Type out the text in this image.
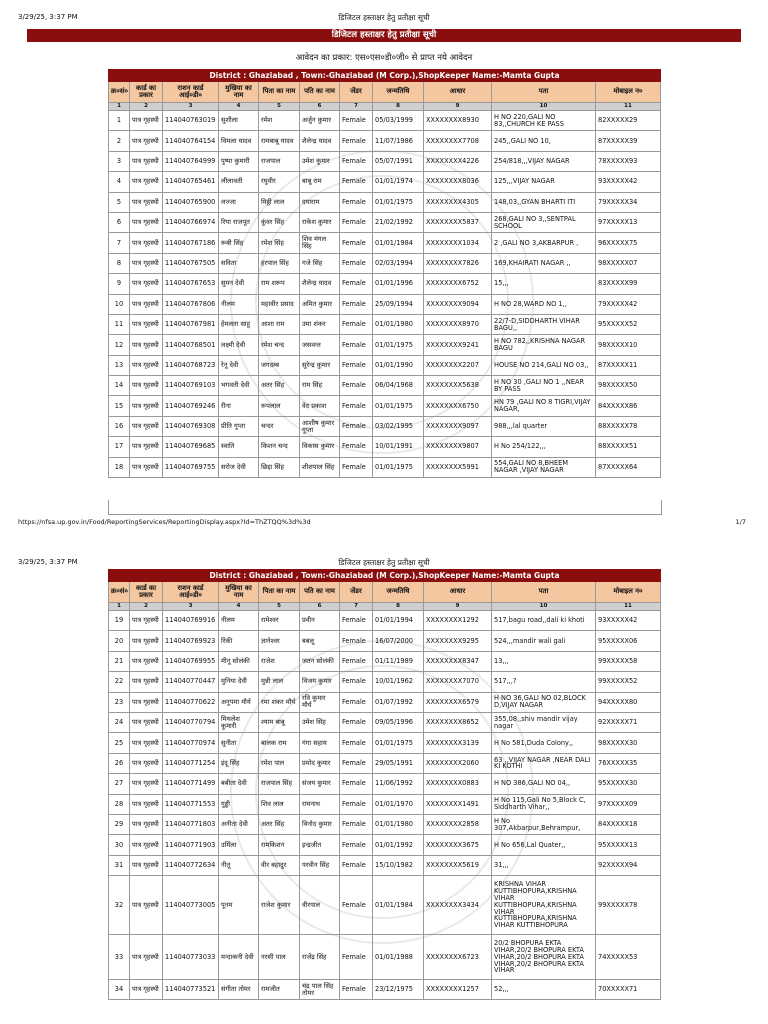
3/29/25, 3:37 PM	डिजिटल हस्ताक्षर हेतु प्रतीक्षा सूची
डिजिटल हस्ताक्षर हेतु प्रतीक्षा सूची
आवेदन का प्रकार: एस०एस०डी०जी० से प्राप्त नये आवेदन
District : Ghaziabad , Town:-Ghaziabad (M Corp.),ShopKeeper Name:-Mamta Gupta										
क्र०सं०	कार्ड का प्रकार	राशन कार्ड आई०डी०	मुखिया का नाम	पिता का नाम	पति का नाम	जेंडर	जन्मतिथि	आधार	पता	मोबाइल न०
1	2	3	4	5	6	7	8	9	10	11
1	पात्र गृहस्थी	114040763019	सुशीला	रमेश	अर्जुन कुमार	Female	05/03/1999	XXXXXXXX8930	H NO 220,GALI NO 83,,CHURCH KE PASS	82XXXXX29
2	पात्र गृहस्थी	114040764154	विमला यादव	रामबाबू यादव	शैलेन्द्र यादव	Female	11/07/1986	XXXXXXXX7708	245,,GALI NO 10,	87XXXXX39
3	पात्र गृहस्थी	114040764999	पुष्पा कुमारी	राजपाल	उमेश कुमार	Female	05/07/1991	XXXXXXXX4226	254/818,,,VIJAY NAGAR	78XXXXX93
4	पात्र गृहस्थी	114040765461	लीलावती	रघुवीर	बाबू राम	Female	01/01/1974	XXXXXXXX8036	125,,,VIJAY NAGAR	93XXXXX42
5	पात्र गृहस्थी	114040765900	लज्जा	मिट्ठी लाल	दयाराम	Female	01/01/1975	XXXXXXXX4305	148,03,,GYAN BHARTI ITI	79XXXXX34
6	पात्र गृहस्थी	114040766974	रिया राजपूत	कुंवर सिंह	राकेश कुमार	Female	21/02/1992	XXXXXXXX5837	268,GALI NO 3,,SENTPAL SCHOOL	97XXXXX13
7	पात्र गृहस्थी	114040767186	रूबी सिंह	रमेश सिंह	शिव मंगल सिंह	Female	01/01/1984	XXXXXXXX1034	2 ,GALI NO 3,AKBARPUR ,	96XXXXX75
8	पात्र गृहस्थी	114040767505	सविता	हरपाल सिंह	गजे सिंह	Female	02/03/1994	XXXXXXXX7826	169,KHAIRATI NAGAR ,,	98XXXXX07
9	पात्र गृहस्थी	114040767653	सुमन देवी	राम शरूप	शैलेन्द्र यादव	Female	01/01/1996	XXXXXXXX6752	15,,,	83XXXXX99
10	पात्र गृहस्थी	114040767806	नीलम	महावीर प्रसाद	अमित कुमार	Female	25/09/1994	XXXXXXXX9094	H NO 28,WARD NO 1,,	79XXXXX42
11	पात्र गृहस्थी	114040767981	हेमलता साहू	आशा राम	उमा शंकर	Female	01/01/1980	XXXXXXXX8970	22/7-D,SIDDHARTH VIHAR BAGU,,	95XXXXX52
12	पात्र गृहस्थी	114040768501	लक्ष्मी देवी	रमेश चन्द	जसवन्त	Female	01/01/1975	XXXXXXXX9241	H NO 782,,KRISHNA NAGAR BAGU	98XXXXX10
13	पात्र गृहस्थी	114040768723	रेनू देवी	जगदम्ब	सुरेन्द्र कुमार	Female	01/01/1990	XXXXXXXX2207	HOUSE NO 214,GALI NO 03,,	87XXXXX11
14	पात्र गृहस्थी	114040769103	भगवती देवी	अतर सिंह	राम सिंह	Female	06/04/1968	XXXXXXXX5638	H NO 30 ,GALI NO 1 ,,NEAR BY PASS	98XXXXX50
15	पात्र गृहस्थी	114040769246	रीना	रूपलाल	वेद प्रकाश	Female	01/01/1975	XXXXXXXX6750	HN 79 ,GALI NO 8 TIGRI,VIJAY NAGAR,	84XXXXX86
16	पात्र गृहस्थी	114040769308	प्रीति गुप्ता	चन्दर	आशीष कुमार गुप्ता	Female	03/02/1995	XXXXXXXX9097	988,,,lal quarter	88XXXXX78
17	पात्र गृहस्थी	114040769685	स्वाति	किशन चन्द	विकास कुमार	Female	10/01/1991	XXXXXXXX9807	H No 254/122,,,	88XXXXX51
18	पात्र गृहस्थी	114040769755	सरोज देवी	छिद्दा सिंह	शीशपाल सिंह	Female	01/01/1975	XXXXXXXX5991	554,GALI NO 8,BHEEM NAGAR ,VIJAY NAGAR	87XXXXX64
https://nfsa.up.gov.in/Food/ReportingServices/ReportingDisplay.aspx?Id=ThZTQQ%3d%3d	1/7
3/29/25, 3:37 PM	डिजिटल हस्ताक्षर हेतु प्रतीक्षा सूची
District : Ghaziabad , Town:-Ghaziabad (M Corp.),ShopKeeper Name:-Mamta Gupta										
क्र०सं०	कार्ड का प्रकार	राशन कार्ड आई०डी०	मुखिया का नाम	पिता का नाम	पति का नाम	जेंडर	जन्मतिथि	आधार	पता	मोबाइल न०
1	2	3	4	5	6	7	8	9	10	11
19	पात्र गृहस्थी	114040769916	नीलम	रामेश्वर	प्रवीन	Female	01/01/1994	XXXXXXXX1292	517,bagu road,,dali ki khoti	93XXXXX42
20	पात्र गृहस्थी	114040769923	रिंकी	ज्ञानेश्वर	बबलू	Female	16/07/2000	XXXXXXXX9295	524,,,mandir wali gali	95XXXXX06
21	पात्र गृहस्थी	114040769955	मीनू सोलंकी	राजेश	जतन सोलंकी	Female	01/11/1989	XXXXXXXX8347	13,,,	99XXXXX58
22	पात्र गृहस्थी	114040770447	मुनिया देवी	मुन्नी लाल	विजय कुमार	Female	10/01/1962	XXXXXXXX7070	517,,,?	99XXXXX52
23	पात्र गृहस्थी	114040770622	अनुपमा मौर्य	रमा शंकर मौर्य	रवि कुमार मौर्य	Female	01/07/1992	XXXXXXXX6579	H NO 36,GALI NO 02,BLOCK D,VIJAY NAGAR	94XXXXX80
24	पात्र गृहस्थी	114040770794	मिथलेश कुमारी	श्याम बाबू	उमेश सिंह	Female	09/05/1996	XXXXXXXX8652	355,08,,shiv mandir vijay nagar	92XXXXX71
25	पात्र गृहस्थी	114040770974	सुनीता	बालक राम	गंगा सहाय	Female	01/01/1975	XXXXXXXX3139	H No 581,Duda Colony,,	98XXXXX30
26	पात्र गृहस्थी	114040771254	इंदू सिंह	रमेश पाल	प्रमोद कुमार	Female	29/05/1991	XXXXXXXX2060	63 ,,VIJAY NAGAR ,NEAR DALI KI KOTHI	76XXXXX35
27	पात्र गृहस्थी	114040771499	बबीता देवी	राजपाल सिंह	संजय कुमार	Female	11/06/1992	XXXXXXXX0883	H NO 386,GALI NO 04,,	95XXXXX30
28	पात्र गृहस्थी	114040771553	गुड्डी	शिव लाल	रामनाथ	Female	01/01/1970	XXXXXXXX1491	H No 115,Gali No 5,Block C, Siddharth Vihar,,	97XXXXX09
29	पात्र गृहस्थी	114040771803	अनीता देवी	अतर सिंह	विनोद कुमार	Female	01/01/1980	XXXXXXXX2858	H No 307,Akbarpur,Behrampur,	84XXXXX18
30	पात्र गृहस्थी	114040771903	उर्मिला	रामकिशन	इन्द्रजीत	Female	01/01/1992	XXXXXXXX3675	H No 656,Lal Quater,,	95XXXXX13
31	पात्र गृहस्थी	114040772634	नीतू	वीर बहादुर	परवीन सिंह	Female	15/10/1982	XXXXXXXX5619	31,,,	92XXXXX94
32	पात्र गृहस्थी	114040773005	पूनम	राजेश कुमार	वीरपाल	Female	01/01/1984	XXXXXXXX3434	KRISHNA VIHAR KUTTIBHOPURA,KRISHNA VIHAR KUTTIBHOPURA,KRISHNA VIHAR KUTTIBHOPURA,KRISHNA VIHAR KUTTIBHOPURA	99XXXXX78
33	पात्र गृहस्थी	114040773033	मन्दाकनी देवी	नरसी पाल	राजेंद्र सिंह	Female	01/01/1988	XXXXXXXX6723	20/2 BHOPURA EKTA VIHAR,20/2 BHOPURA EKTA VIHAR,20/2 BHOPURA EKTA VIHAR,20/2 BHOPURA EKTA VIHAR	74XXXXX53
34	पात्र गृहस्थी	114040773521	संगीता तोमर	रामजीत	चंद्र पाल सिंह तोमर	Female	23/12/1975	XXXXXXXX1257	52,,,	70XXXXX71
